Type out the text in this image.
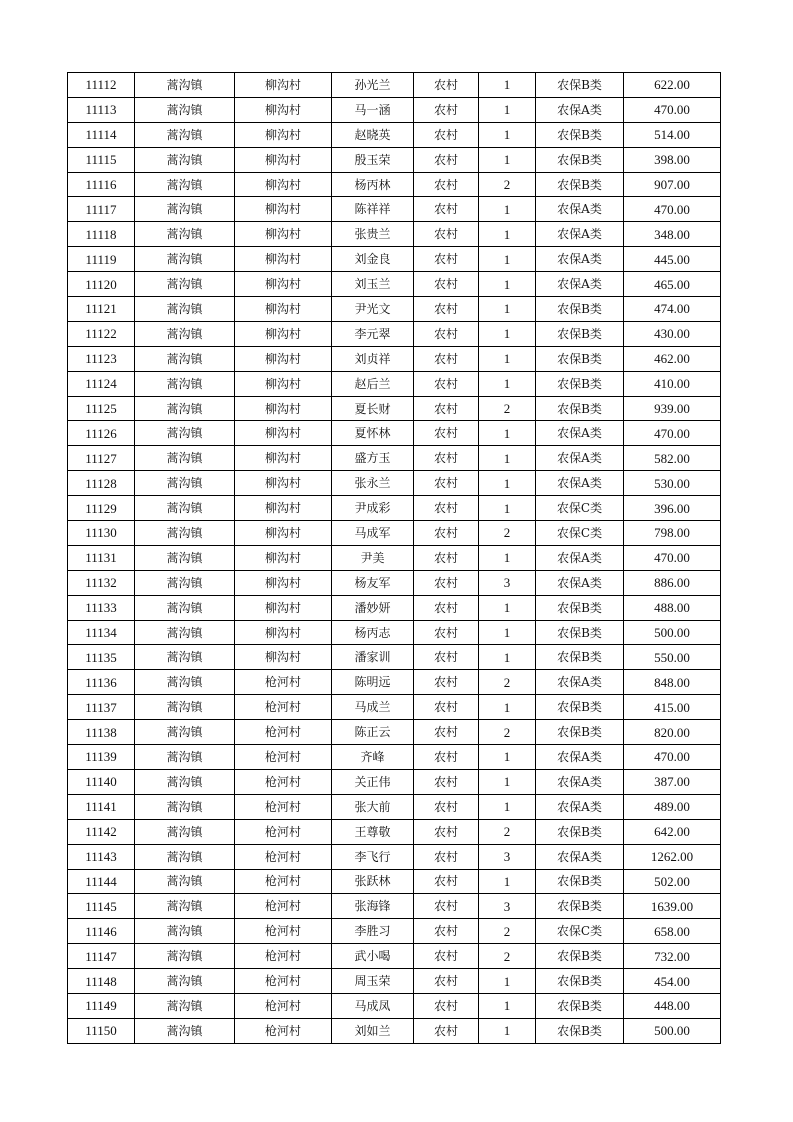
11112	蒿沟镇	柳沟村	孙光兰	农村	1	农保B类	622.00
11113	蒿沟镇	柳沟村	马一涵	农村	1	农保A类	470.00
11114	蒿沟镇	柳沟村	赵晓英	农村	1	农保B类	514.00
11115	蒿沟镇	柳沟村	殷玉荣	农村	1	农保B类	398.00
11116	蒿沟镇	柳沟村	杨丙林	农村	2	农保B类	907.00
11117	蒿沟镇	柳沟村	陈祥祥	农村	1	农保A类	470.00
11118	蒿沟镇	柳沟村	张贵兰	农村	1	农保A类	348.00
11119	蒿沟镇	柳沟村	刘金良	农村	1	农保A类	445.00
11120	蒿沟镇	柳沟村	刘玉兰	农村	1	农保A类	465.00
11121	蒿沟镇	柳沟村	尹光文	农村	1	农保B类	474.00
11122	蒿沟镇	柳沟村	李元翠	农村	1	农保B类	430.00
11123	蒿沟镇	柳沟村	刘贞祥	农村	1	农保B类	462.00
11124	蒿沟镇	柳沟村	赵后兰	农村	1	农保B类	410.00
11125	蒿沟镇	柳沟村	夏长财	农村	2	农保B类	939.00
11126	蒿沟镇	柳沟村	夏怀林	农村	1	农保A类	470.00
11127	蒿沟镇	柳沟村	盛方玉	农村	1	农保A类	582.00
11128	蒿沟镇	柳沟村	张永兰	农村	1	农保A类	530.00
11129	蒿沟镇	柳沟村	尹成彩	农村	1	农保C类	396.00
11130	蒿沟镇	柳沟村	马成军	农村	2	农保C类	798.00
11131	蒿沟镇	柳沟村	尹美	农村	1	农保A类	470.00
11132	蒿沟镇	柳沟村	杨友军	农村	3	农保A类	886.00
11133	蒿沟镇	柳沟村	潘妙妍	农村	1	农保B类	488.00
11134	蒿沟镇	柳沟村	杨丙志	农村	1	农保B类	500.00
11135	蒿沟镇	柳沟村	潘家训	农村	1	农保B类	550.00
11136	蒿沟镇	枪河村	陈明远	农村	2	农保A类	848.00
11137	蒿沟镇	枪河村	马成兰	农村	1	农保B类	415.00
11138	蒿沟镇	枪河村	陈正云	农村	2	农保B类	820.00
11139	蒿沟镇	枪河村	齐峰	农村	1	农保A类	470.00
11140	蒿沟镇	枪河村	关正伟	农村	1	农保A类	387.00
11141	蒿沟镇	枪河村	张大前	农村	1	农保A类	489.00
11142	蒿沟镇	枪河村	王尊敬	农村	2	农保B类	642.00
11143	蒿沟镇	枪河村	李飞行	农村	3	农保A类	1262.00
11144	蒿沟镇	枪河村	张跃林	农村	1	农保B类	502.00
11145	蒿沟镇	枪河村	张海锋	农村	3	农保B类	1639.00
11146	蒿沟镇	枪河村	李胜习	农村	2	农保C类	658.00
11147	蒿沟镇	枪河村	武小喝	农村	2	农保B类	732.00
11148	蒿沟镇	枪河村	周玉荣	农村	1	农保B类	454.00
11149	蒿沟镇	枪河村	马成凤	农村	1	农保B类	448.00
11150	蒿沟镇	枪河村	刘如兰	农村	1	农保B类	500.00
